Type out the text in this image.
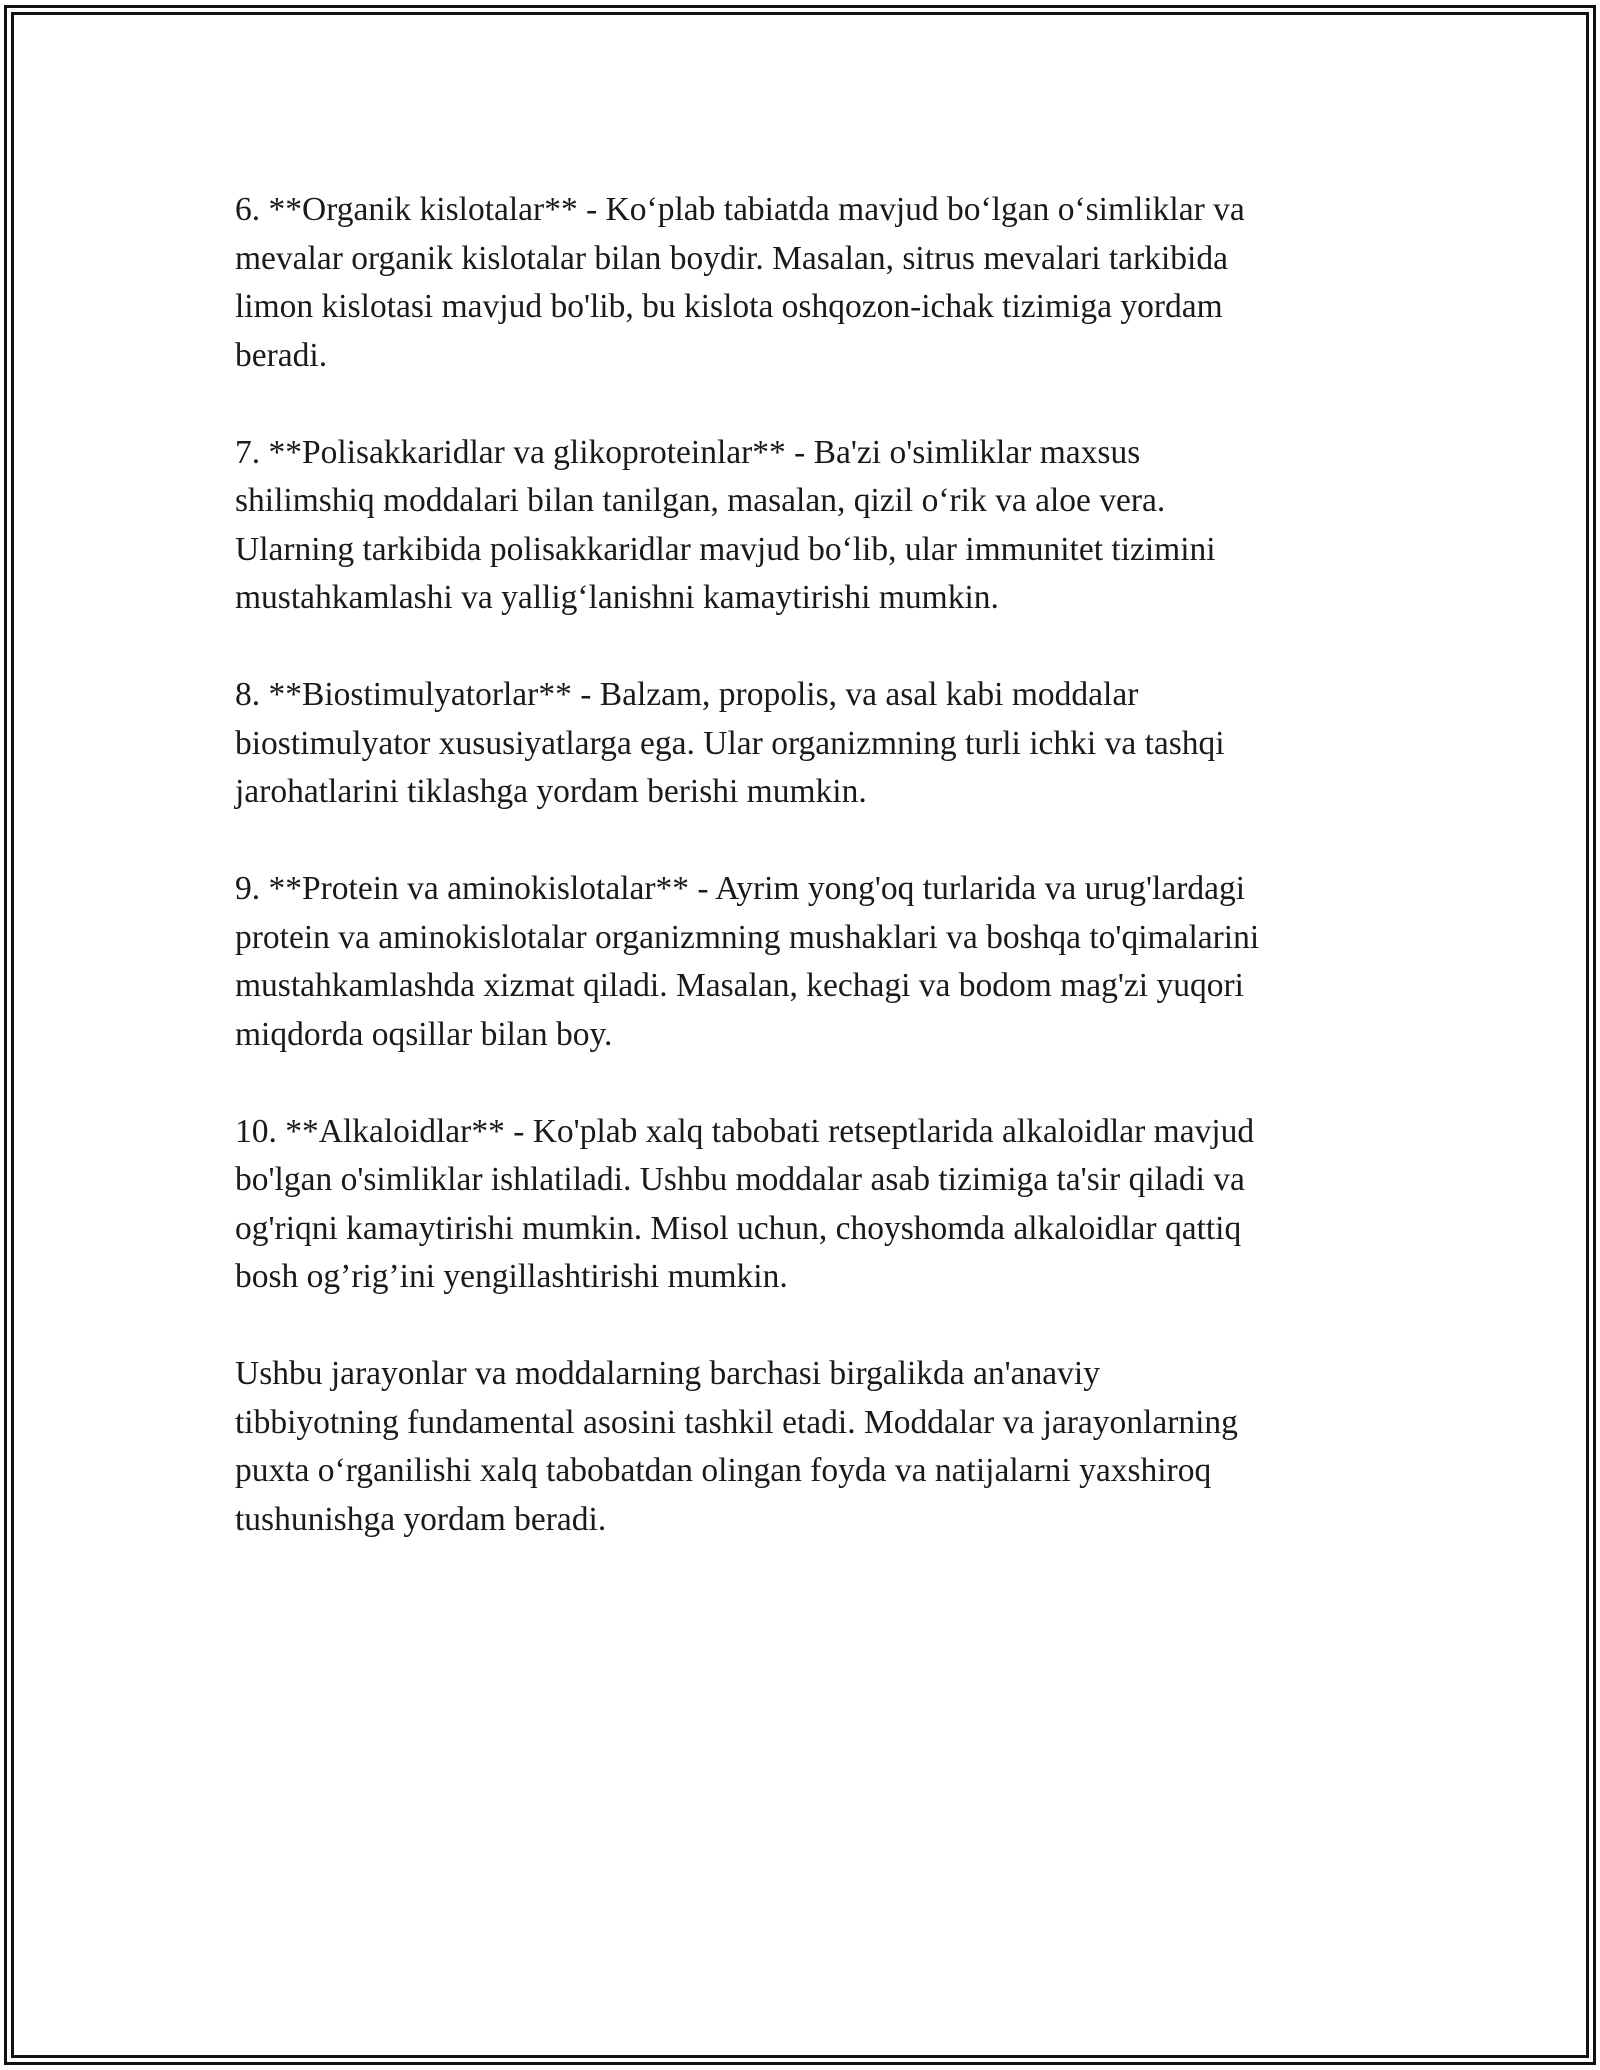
6. **Organik kislotalar** - Ko‘plab tabiatda mavjud bo‘lgan o‘simliklar va
mevalar organik kislotalar bilan boydir. Masalan, sitrus mevalari tarkibida
limon kislotasi mavjud bo'lib, bu kislota oshqozon-ichak tizimiga yordam
beradi.

7. **Polisakkaridlar va glikoproteinlar** - Ba'zi o'simliklar maxsus
shilimshiq moddalari bilan tanilgan, masalan, qizil o‘rik va aloe vera.
Ularning tarkibida polisakkaridlar mavjud bo‘lib, ular immunitet tizimini
mustahkamlashi va yallig‘lanishni kamaytirishi mumkin.

8. **Biostimulyatorlar** - Balzam, propolis, va asal kabi moddalar
biostimulyator xususiyatlarga ega. Ular organizmning turli ichki va tashqi
jarohatlarini tiklashga yordam berishi mumkin.

9. **Protein va aminokislotalar** - Ayrim yong'oq turlarida va urug'lardagi
protein va aminokislotalar organizmning mushaklari va boshqa to'qimalarini
mustahkamlashda xizmat qiladi. Masalan, kechagi va bodom mag'zi yuqori
miqdorda oqsillar bilan boy.

10. **Alkaloidlar** - Ko'plab xalq tabobati retseptlarida alkaloidlar mavjud
bo'lgan o'simliklar ishlatiladi. Ushbu moddalar asab tizimiga ta'sir qiladi va
og'riqni kamaytirishi mumkin. Misol uchun, choyshomda alkaloidlar qattiq
bosh og’rig’ini yengillashtirishi mumkin.

Ushbu jarayonlar va moddalarning barchasi birgalikda an'anaviy
tibbiyotning fundamental asosini tashkil etadi. Moddalar va jarayonlarning
puxta o‘rganilishi xalq tabobatdan olingan foyda va natijalarni yaxshiroq
tushunishga yordam beradi.
